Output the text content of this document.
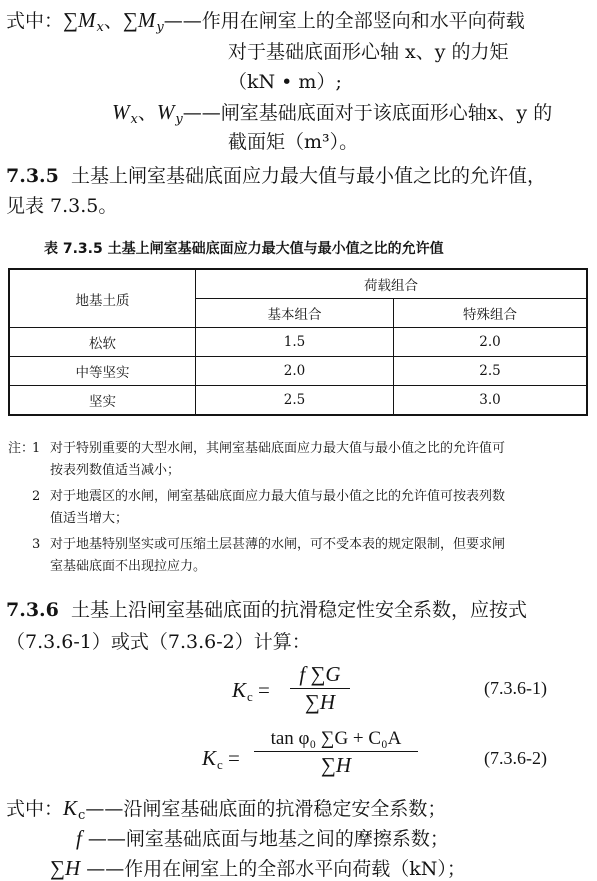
式中：$\sum M_x$、$\sum M_y——$作用在闸室上的全部竖向和水平向荷载
对于基础底面形心轴 x、y 的力矩
（kN • m）;
$W_x$、$W_y——$闸室基础底面对于该底面形心轴x、y 的
截面矩（m³）。
7.3.5 土基上闸室基础底面应力最大值与最小值之比的允许值，
见表 7.3.5。
表 7.3.5 土基上闸室基础底面应力最大值与最小值之比的允许值
地基土质	荷载组合	
	基本组合	特殊组合
松软	1.5	2.0
中等坚实	2.0	2.5
坚实	2.5	3.0
注：
1 对于特别重要的大型水闸，其闸室基础底面应力最大值与最小值之比的允许值可
按表列数值适当减小；
2 对于地震区的水闸，闸室基础底面应力最大值与最小值之比的允许值可按表列数
值适当增大；
3 对于地基特别坚实或可压缩土层甚薄的水闸，可不受本表的规定限制，但要求闸
室基础底面不出现拉应力。
7.3.6 土基上沿闸室基础底面的抗滑稳定性安全系数，应按式
（7.3.6-1）或式（7.3.6-2）计算：
$K_c$ =
f ∑G
∑H
(7.3.6-1)
$K_c$ =
tan φ₀ ∑G + C₀A
∑H	(7.3.6-2)
式中：$K_c——$沿闸室基础底面的抗滑稳定安全系数；
f ——闸室基础底面与地基之间的摩擦系数；
∑H ——作用在闸室上的全部水平向荷载（kN）；
